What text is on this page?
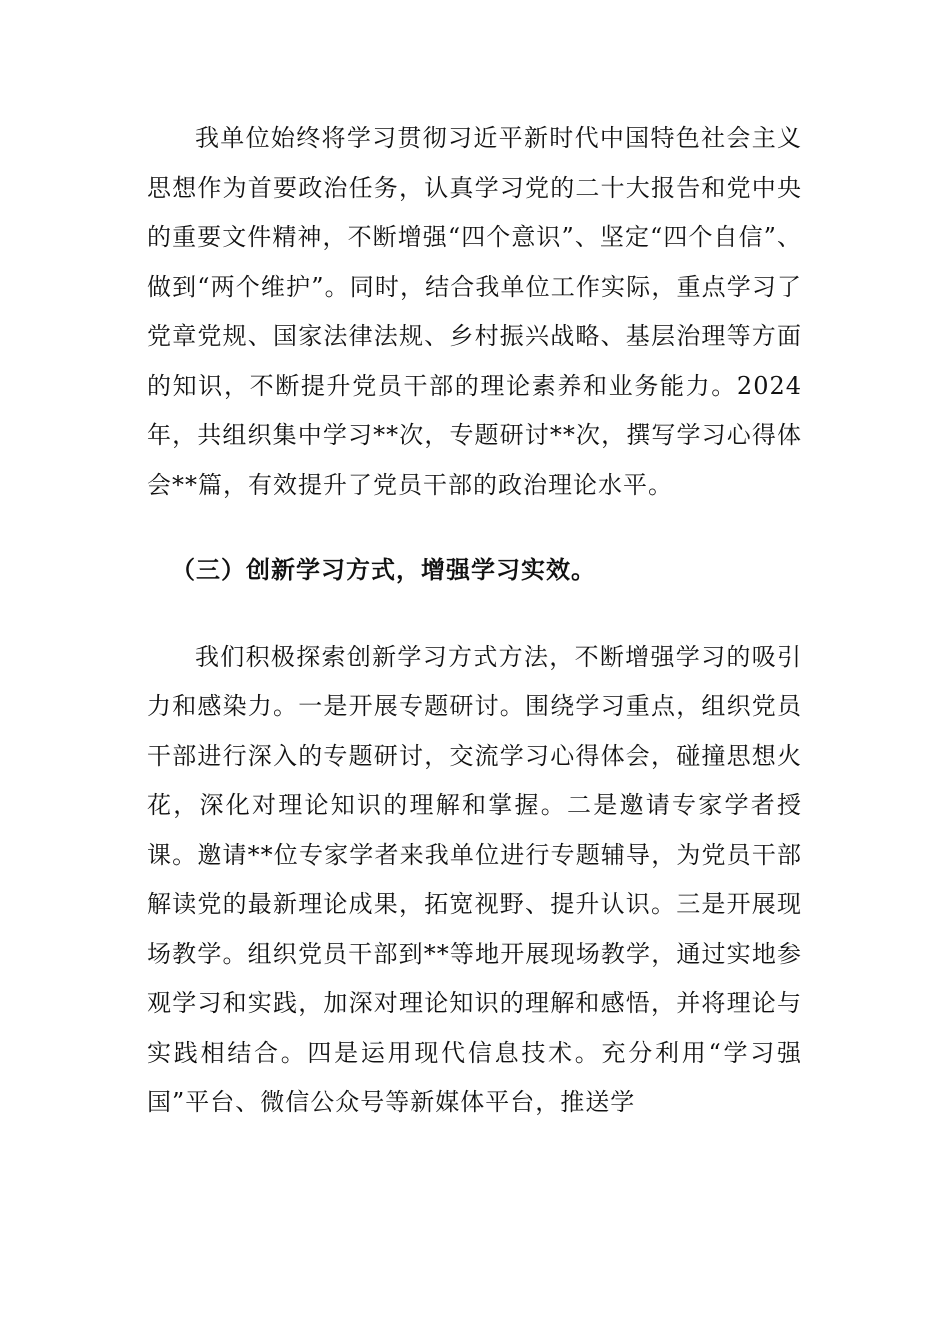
我单位始终将学习贯彻习近平新时代中国特色社会主义思想作为首要政治任务，认真学习党的二十大报告和党中央的重要文件精神，不断增强“四个意识”、坚定“四个自信”、做到“两个维护”。同时，结合我单位工作实际，重点学习了党章党规、国家法律法规、乡村振兴战略、基层治理等方面的知识，不断提升党员干部的理论素养和业务能力。2024年，共组织集中学习**次，专题研讨**次，撰写学习心得体会**篇，有效提升了党员干部的政治理论水平。

（三）创新学习方式，增强学习实效。

我们积极探索创新学习方式方法，不断增强学习的吸引力和感染力。一是开展专题研讨。围绕学习重点，组织党员干部进行深入的专题研讨，交流学习心得体会，碰撞思想火花，深化对理论知识的理解和掌握。二是邀请专家学者授课。邀请**位专家学者来我单位进行专题辅导，为党员干部解读党的最新理论成果，拓宽视野、提升认识。三是开展现场教学。组织党员干部到**等地开展现场教学，通过实地参观学习和实践，加深对理论知识的理解和感悟，并将理论与实践相结合。四是运用现代信息技术。充分利用“学习强国”平台、微信公众号等新媒体平台，推送学
